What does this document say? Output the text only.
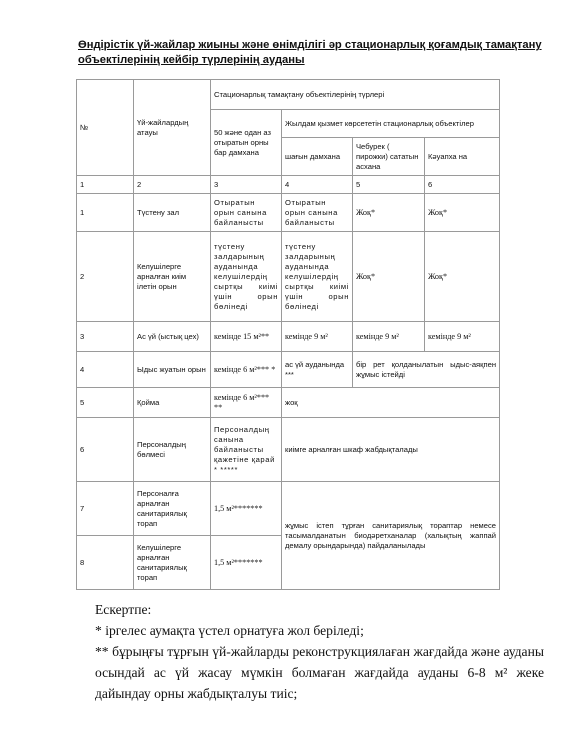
Өндірістік үй-жайлар жиыны және өнімділігі әр стационарлық қоғамдық тамақтану объектілерінің кейбір түрлерінің ауданы
№	Үй-жайлардың атауы	Стационарлық тамақтану объектілерінің түрлері			
		50 және одан аз отыратын орны бар дамхана	Жылдам қызмет көрсететін стационарлық объектілер		
			шағын дамхана	Чебурек ( пирожки) сататын асхана	Кәуапха на
1	2	3	4	5	6
1	Түстену зал	Отыратын орын санына байланысты	Отыратын орын санына байланысты	Жоқ*	Жоқ*
2	Келушілерге арналған киім ілетін орын	түстену залдарының ауданында келушілердің сыртқы киімі үшін орын бөлінеді	түстену залдарының ауданында келушілердің сыртқы киімі үшін орын бөлінеді	Жоқ*	Жоқ*
3	Ас үй (ыстық цех)	кемінде 15 м²**	кемінде 9 м²	кемінде 9 м²	кемінде 9 м²
4	Ыдыс жуатын орын	кемінде 6 м²*** *	ас үй ауданында ***	бір рет қолданылатын ыдыс-аяқпен жұмыс істейді	
5	Қойма	кемінде 6 м²*** **	жоқ		
6	Персоналдың бөлмесі	Персоналдың санына байланысты қажетіне қарай * *****	киімге арналған шкаф жабдықталады		
7	Персоналға арналған санитариялық торап	1,5 м²*******	жұмыс істеп тұрған санитариялық тораптар немесе тасымалданатын биодәретханалар (халықтың жаппай демалу орындарында) пайдаланылады		
8	Келушілерге арналған санитариялық торап	1,5 м²*******			

Ескертпе:

* іргелес аумақта үстел орнатуға жол беріледі;

** бұрыңғы тұрғын үй-жайларды реконструкциялаған жағдайда және ауданы осындай ас үй жасау мүмкін болмаған жағдайда ауданы 6-8 м² жеке дайындау орны жабдықталуы тиіс;
